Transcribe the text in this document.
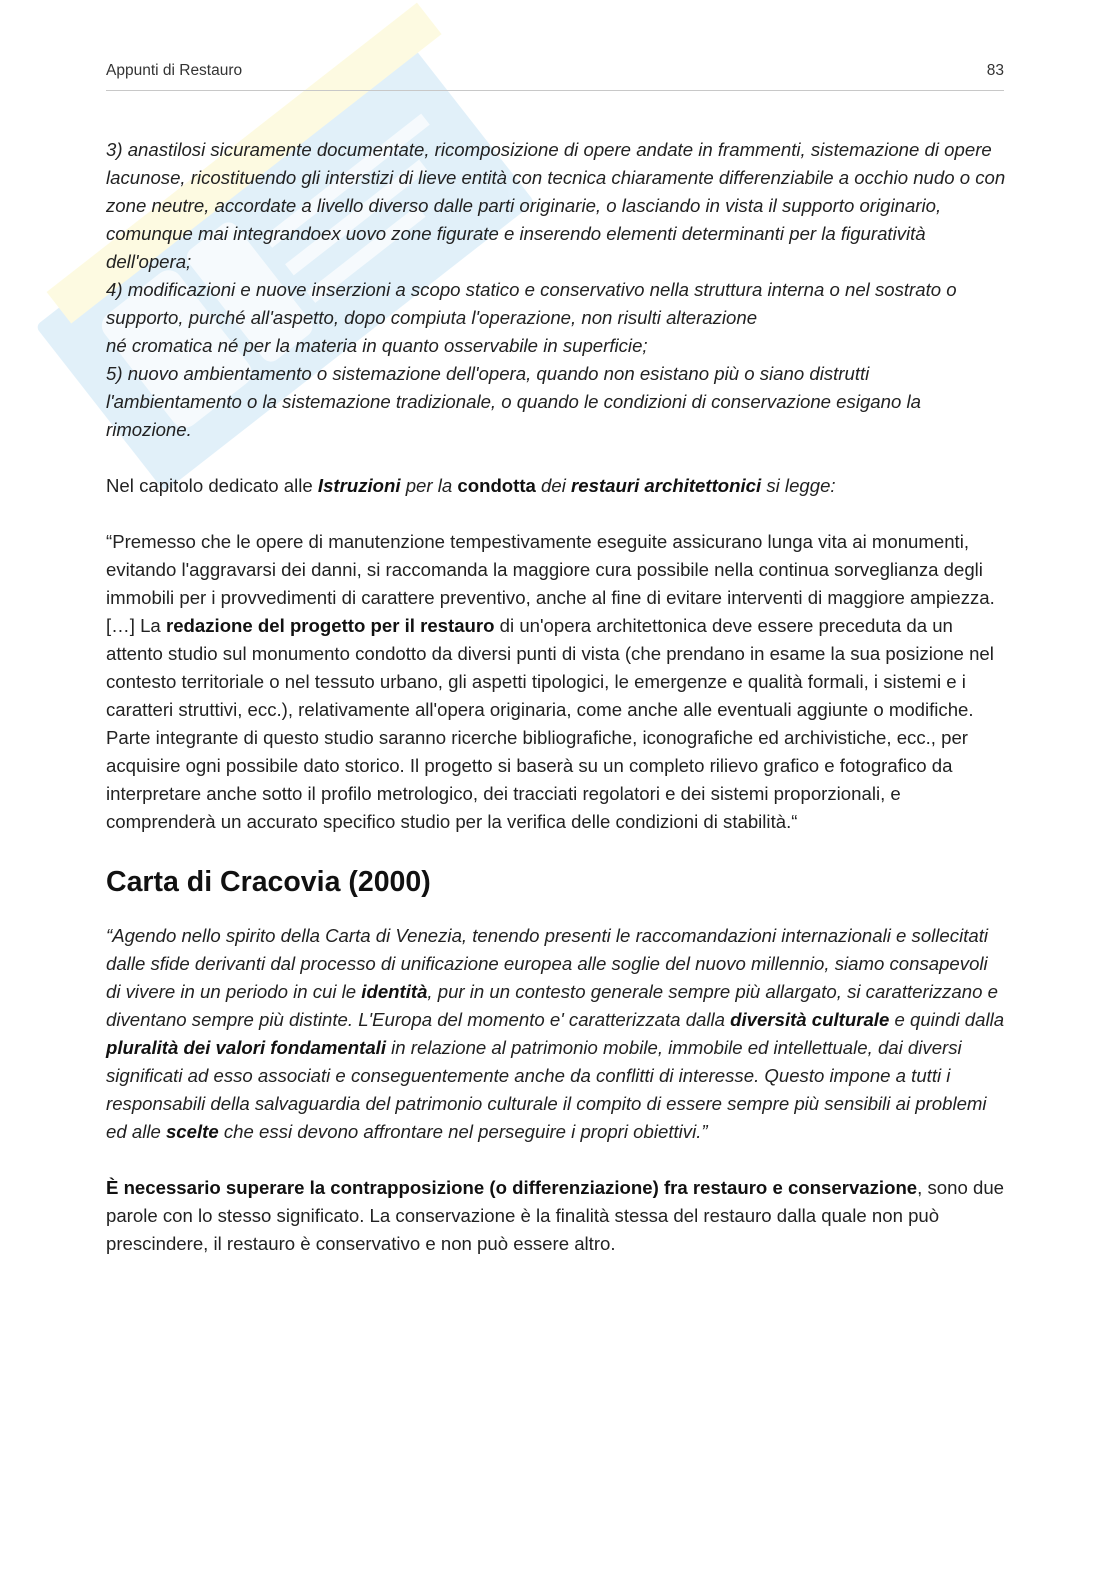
Appunti di Restauro	83

3) anastilosi sicuramente documentate, ricomposizione di opere andate in frammenti, sistemazione di opere lacunose, ricostituendo gli interstizi di lieve entità con tecnica chiaramente differenziabile a occhio nudo o con zone neutre, accordate a livello diverso dalle parti originarie, o lasciando in vista il supporto originario, comunque mai integrandoex uovo zone figurate e inserendo elementi determinanti per la figuratività dell'opera;
4) modificazioni e nuove inserzioni a scopo statico e conservativo nella struttura interna o nel sostrato o supporto, purché all'aspetto, dopo compiuta l'operazione, non risulti alterazione
né cromatica né per la materia in quanto osservabile in superficie;
5) nuovo ambientamento o sistemazione dell'opera, quando non esistano più o siano distrutti l'ambientamento o la sistemazione tradizionale, o quando le condizioni di conservazione esigano la rimozione.

Nel capitolo dedicato alle Istruzioni per la condotta dei restauri architettonici si legge:

“Premesso che le opere di manutenzione tempestivamente eseguite assicurano lunga vita ai monumenti, evitando l'aggravarsi dei danni, si raccomanda la maggiore cura possibile nella continua sorveglianza degli immobili per i provvedimenti di carattere preventivo, anche al fine di evitare interventi di maggiore ampiezza. […] La redazione del progetto per il restauro di un'opera architettonica deve essere preceduta da un attento studio sul monumento condotto da diversi punti di vista (che prendano in esame la sua posizione nel contesto territoriale o nel tessuto urbano, gli aspetti tipologici, le emergenze e qualità formali, i sistemi e i caratteri struttivi, ecc.), relativamente all'opera originaria, come anche alle eventuali aggiunte o modifiche. Parte integrante di questo studio saranno ricerche bibliografiche, iconografiche ed archivistiche, ecc., per acquisire ogni possibile dato storico. Il progetto si baserà su un completo rilievo grafico e fotografico da interpretare anche sotto il profilo metrologico, dei tracciati regolatori e dei sistemi proporzionali, e comprenderà un accurato specifico studio per la verifica delle condizioni di stabilità.“

Carta di Cracovia (2000)

“Agendo nello spirito della Carta di Venezia, tenendo presenti le raccomandazioni internazionali e sollecitati dalle sfide derivanti dal processo di unificazione europea alle soglie del nuovo millennio, siamo consapevoli di vivere in un periodo in cui le identità, pur in un contesto generale sempre più allargato, si caratterizzano e diventano sempre più distinte. L'Europa del momento e' caratterizzata dalla diversità culturale e quindi dalla pluralità dei valori fondamentali in relazione al patrimonio mobile, immobile ed intellettuale, dai diversi significati ad esso associati e conseguentemente anche da conflitti di interesse. Questo impone a tutti i responsabili della salvaguardia del patrimonio culturale il compito di essere sempre più sensibili ai problemi ed alle scelte che essi devono affrontare nel perseguire i propri obiettivi.”

È necessario superare la contrapposizione (o differenziazione) fra restauro e conservazione, sono due parole con lo stesso significato. La conservazione è la finalità stessa del restauro dalla quale non può prescindere, il restauro è conservativo e non può essere altro.
